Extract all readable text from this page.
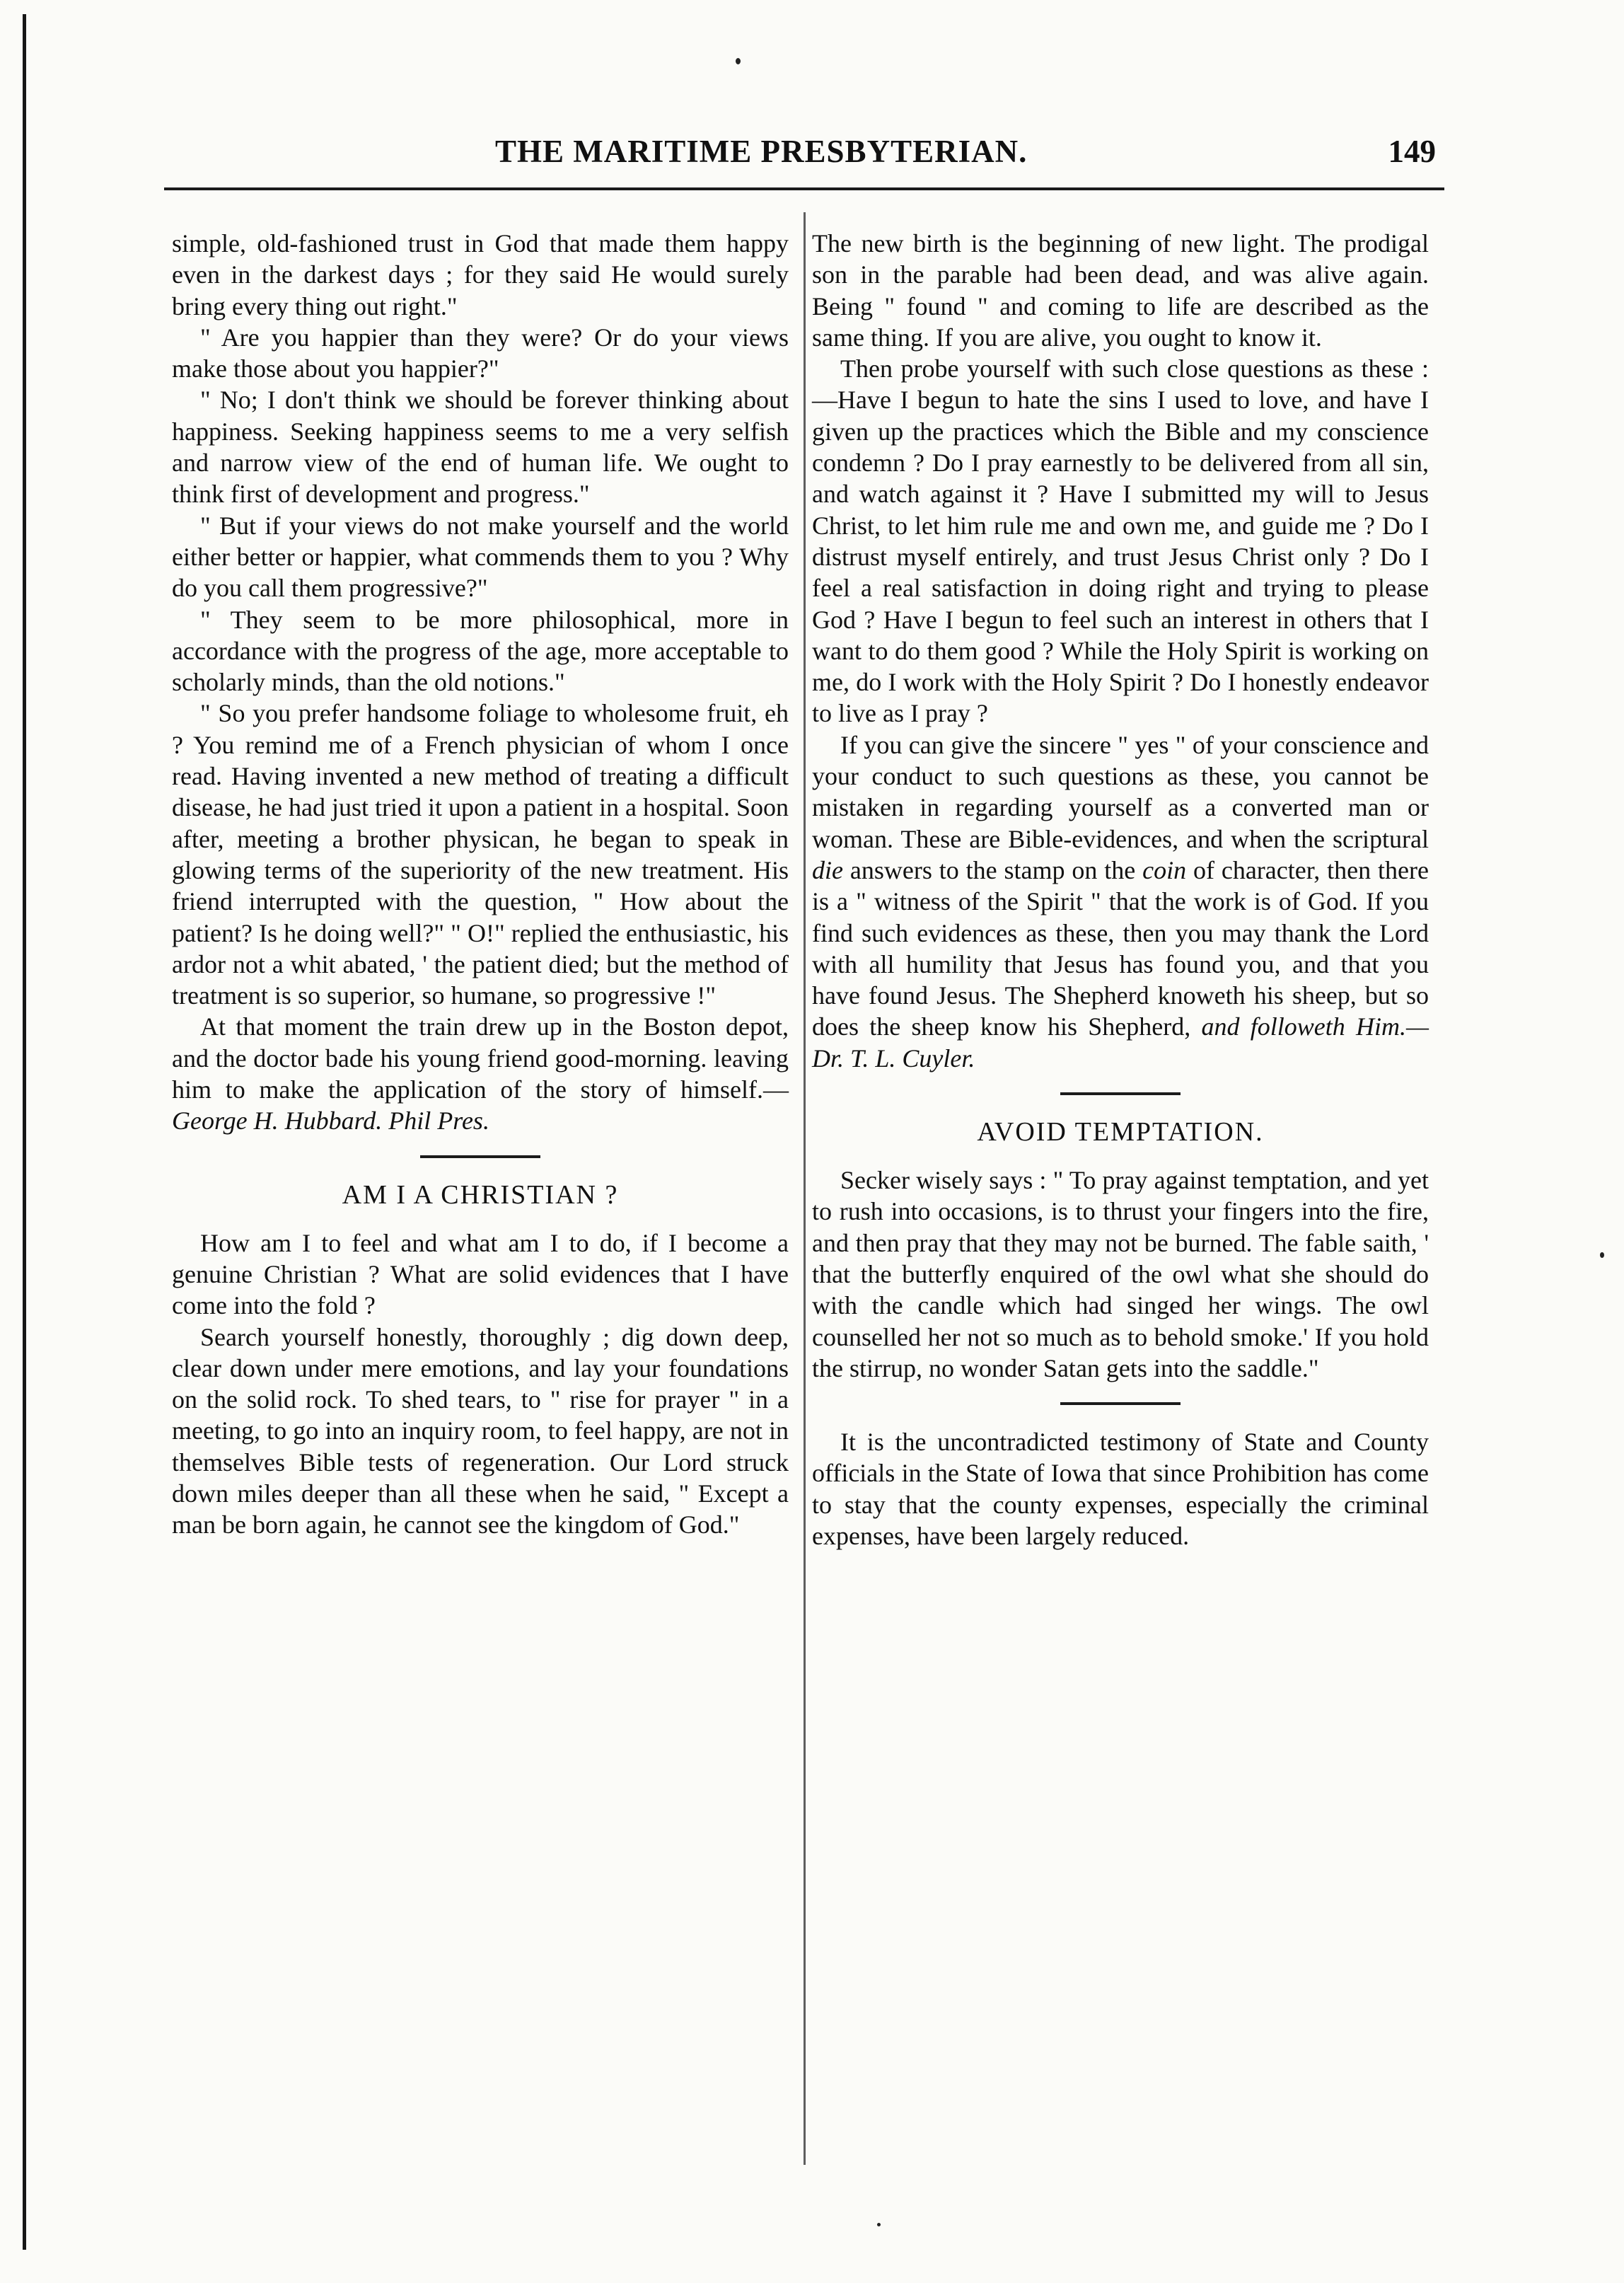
THE MARITIME PRESBYTERIAN.	149

simple, old-fashioned trust in God that made them happy even in the darkest days ; for they said He would surely bring every thing out right."

" Are you happier than they were? Or do your views make those about you happier?"

" No; I don't think we should be forever thinking about happiness. Seeking happiness seems to me a very selfish and narrow view of the end of human life. We ought to think first of development and progress."

" But if your views do not make yourself and the world either better or happier, what commends them to you ? Why do you call them progressive?"

" They seem to be more philosophical, more in accordance with the progress of the age, more acceptable to scholarly minds, than the old notions."

" So you prefer handsome foliage to wholesome fruit, eh ? You remind me of a French physician of whom I once read. Having invented a new method of treating a difficult disease, he had just tried it upon a patient in a hospital. Soon after, meeting a brother physican, he began to speak in glowing terms of the superiority of the new treatment. His friend interrupted with the question, " How about the patient? Is he doing well?" " O!" replied the enthusiastic, his ardor not a whit abated, ' the patient died; but the method of treatment is so superior, so humane, so progressive !"

At that moment the train drew up in the Boston depot, and the doctor bade his young friend good-morning. leaving him to make the application of the story of himself.—George H. Hubbard. Phil Pres.

AM I A CHRISTIAN ?

How am I to feel and what am I to do, if I become a genuine Christian ? What are solid evidences that I have come into the fold ?

Search yourself honestly, thoroughly ; dig down deep, clear down under mere emotions, and lay your foundations on the solid rock. To shed tears, to " rise for prayer " in a meeting, to go into an inquiry room, to feel happy, are not in themselves Bible tests of regeneration. Our Lord struck down miles deeper than all these when he said, " Except a man be born again, he cannot see the kingdom of God."

The new birth is the beginning of new light. The prodigal son in the parable had been dead, and was alive again. Being " found " and coming to life are described as the same thing. If you are alive, you ought to know it.

Then probe yourself with such close questions as these :—Have I begun to hate the sins I used to love, and have I given up the practices which the Bible and my conscience condemn ? Do I pray earnestly to be delivered from all sin, and watch against it ? Have I submitted my will to Jesus Christ, to let him rule me and own me, and guide me ? Do I distrust myself entirely, and trust Jesus Christ only ? Do I feel a real satisfaction in doing right and trying to please God ? Have I begun to feel such an interest in others that I want to do them good ? While the Holy Spirit is working on me, do I work with the Holy Spirit ? Do I honestly endeavor to live as I pray ?

If you can give the sincere " yes " of your conscience and your conduct to such questions as these, you cannot be mistaken in regarding yourself as a converted man or woman. These are Bible-evidences, and when the scriptural die answers to the stamp on the coin of character, then there is a " witness of the Spirit " that the work is of God. If you find such evidences as these, then you may thank the Lord with all humility that Jesus has found you, and that you have found Jesus. The Shepherd knoweth his sheep, but so does the sheep know his Shepherd, and followeth Him.— Dr. T. L. Cuyler.

AVOID TEMPTATION.

Secker wisely says : " To pray against temptation, and yet to rush into occasions, is to thrust your fingers into the fire, and then pray that they may not be burned. The fable saith, ' that the butterfly enquired of the owl what she should do with the candle which had singed her wings. The owl counselled her not so much as to behold smoke.' If you hold the stirrup, no wonder Satan gets into the saddle."

It is the uncontradicted testimony of State and County officials in the State of Iowa that since Prohibition has come to stay that the county expenses, especially the criminal expenses, have been largely reduced.
